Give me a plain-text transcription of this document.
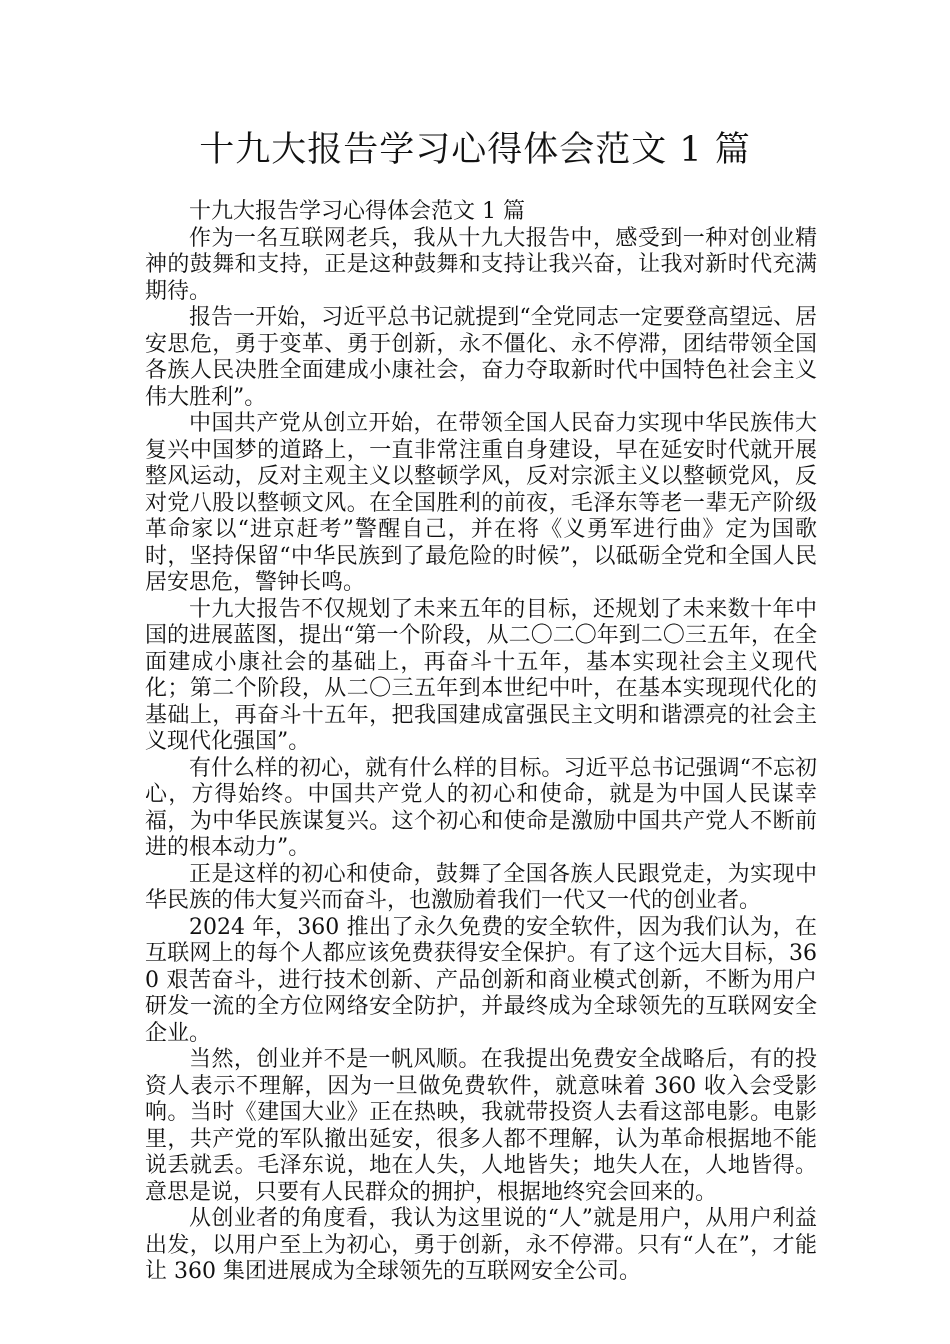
十九大报告学习心得体会范文 1 篇

十九大报告学习心得体会范文 1 篇

作为一名互联网老兵，我从十九大报告中，感受到一种对创业精神的鼓舞和支持，正是这种鼓舞和支持让我兴奋，让我对新时代充满期待。

报告一开始，习近平总书记就提到“全党同志一定要登高望远、居安思危，勇于变革、勇于创新，永不僵化、永不停滞，团结带领全国各族人民决胜全面建成小康社会，奋力夺取新时代中国特色社会主义伟大胜利”。

中国共产党从创立开始，在带领全国人民奋力实现中华民族伟大复兴中国梦的道路上，一直非常注重自身建设，早在延安时代就开展整风运动，反对主观主义以整顿学风，反对宗派主义以整顿党风，反对党八股以整顿文风。在全国胜利的前夜，毛泽东等老一辈无产阶级革命家以“进京赶考”警醒自己，并在将《义勇军进行曲》定为国歌时，坚持保留“中华民族到了最危险的时候”，以砥砺全党和全国人民居安思危，警钟长鸣。

十九大报告不仅规划了未来五年的目标，还规划了未来数十年中国的进展蓝图，提出“第一个阶段，从二〇二〇年到二〇三五年，在全面建成小康社会的基础上，再奋斗十五年，基本实现社会主义现代化；第二个阶段，从二〇三五年到本世纪中叶，在基本实现现代化的基础上，再奋斗十五年，把我国建成富强民主文明和谐漂亮的社会主义现代化强国”。

有什么样的初心，就有什么样的目标。习近平总书记强调“不忘初心，方得始终。中国共产党人的初心和使命，就是为中国人民谋幸福，为中华民族谋复兴。这个初心和使命是激励中国共产党人不断前进的根本动力”。

正是这样的初心和使命，鼓舞了全国各族人民跟党走，为实现中华民族的伟大复兴而奋斗，也激励着我们一代又一代的创业者。

2024 年，360 推出了永久免费的安全软件，因为我们认为，在互联网上的每个人都应该免费获得安全保护。有了这个远大目标，360 艰苦奋斗，进行技术创新、产品创新和商业模式创新，不断为用户研发一流的全方位网络安全防护，并最终成为全球领先的互联网安全企业。

当然，创业并不是一帆风顺。在我提出免费安全战略后，有的投资人表示不理解，因为一旦做免费软件，就意味着 360 收入会受影响。当时《建国大业》正在热映，我就带投资人去看这部电影。电影里，共产党的军队撤出延安，很多人都不理解，认为革命根据地不能说丢就丢。毛泽东说，地在人失，人地皆失；地失人在，人地皆得。意思是说，只要有人民群众的拥护，根据地终究会回来的。

从创业者的角度看，我认为这里说的“人”就是用户，从用户利益出发，以用户至上为初心，勇于创新，永不停滞。只有“人在”，才能让 360 集团进展成为全球领先的互联网安全公司。
